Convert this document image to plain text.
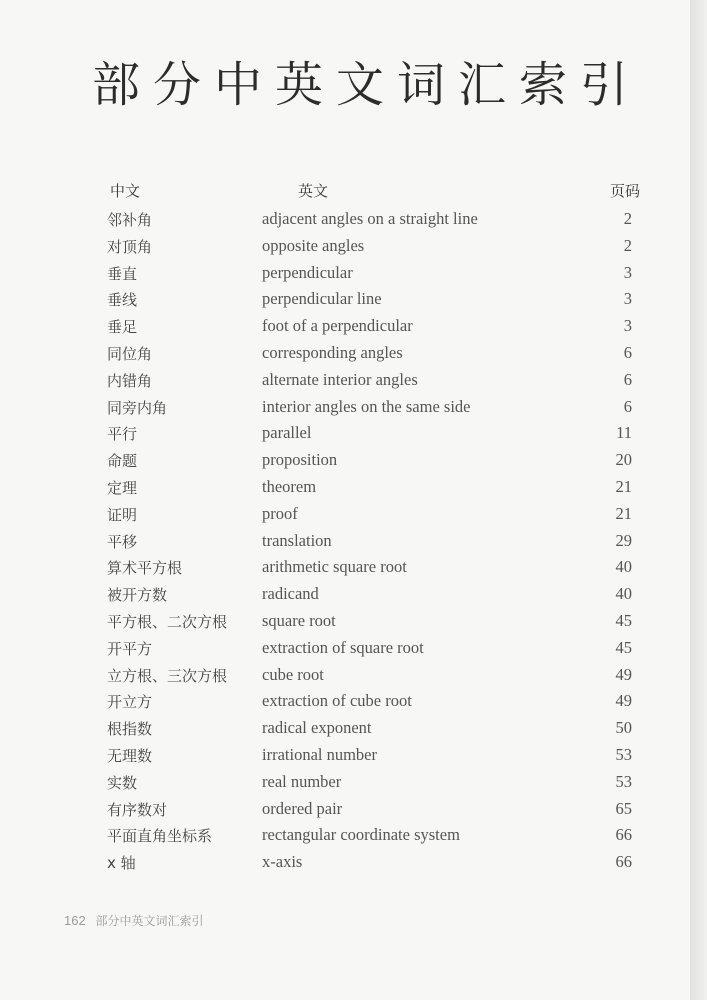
部分中英文词汇索引
中文	英文	页码
邻补角	adjacent angles on a straight line	2
对顶角	opposite angles	2
垂直	perpendicular	3
垂线	perpendicular line	3
垂足	foot of a perpendicular	3
同位角	corresponding angles	6
内错角	alternate interior angles	6
同旁内角	interior angles on the same side	6
平行	parallel	11
命题	proposition	20
定理	theorem	21
证明	proof	21
平移	translation	29
算术平方根	arithmetic square root	40
被开方数	radicand	40
平方根、二次方根 square root	45
开平方	extraction of square root	45
立方根、三次方根 cube root	49
开立方	extraction of cube root	49
根指数	radical exponent	50
无理数	irrational number	53
实数	real number	53
有序数对	ordered pair	65
平面直角坐标系	rectangular coordinate system	66
x 轴	x-axis	66
162 部分中英文词汇索引
